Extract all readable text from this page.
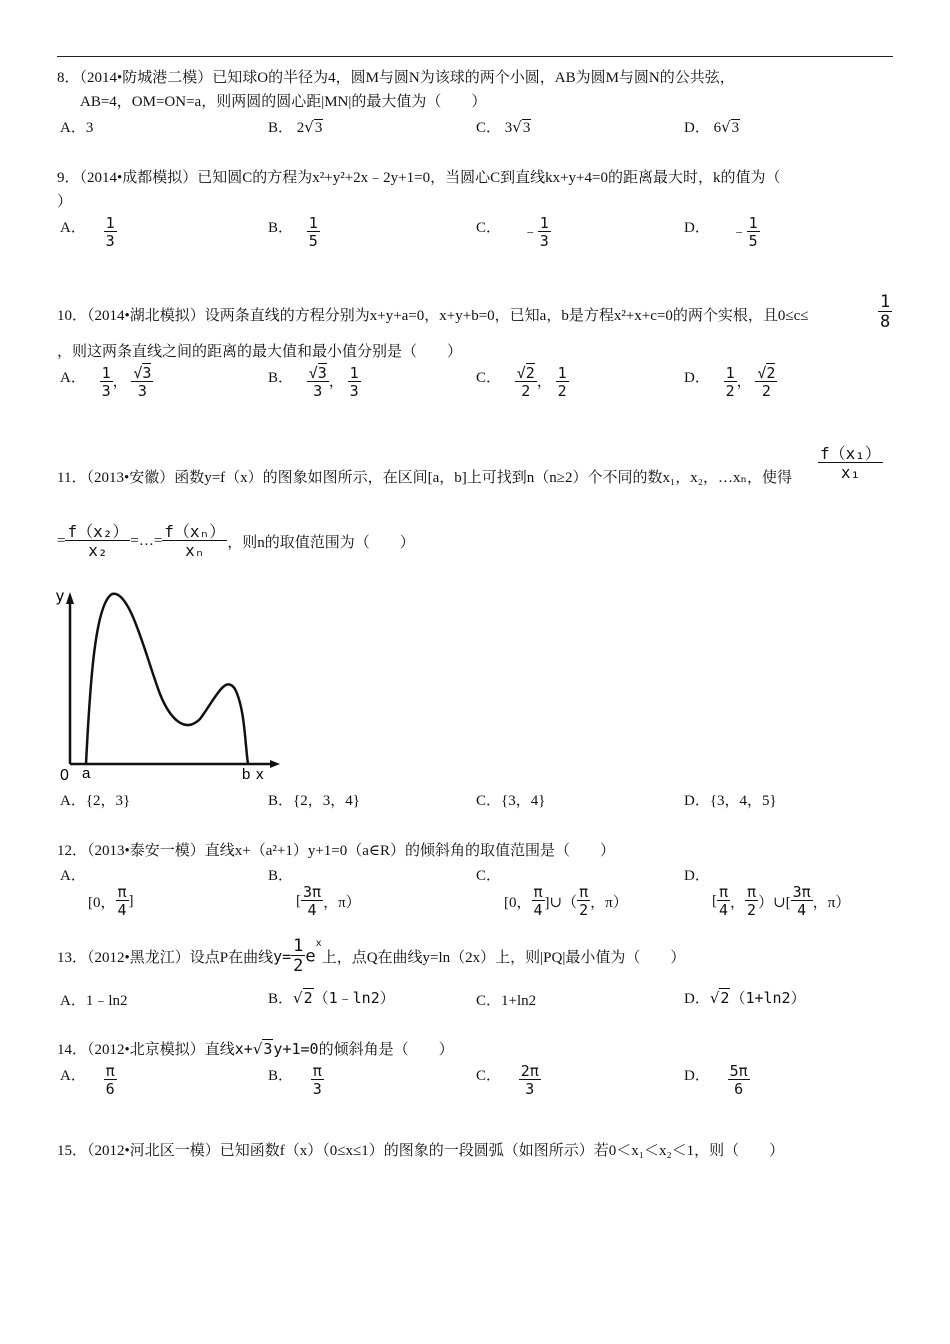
8．（2014•防城港二模）已知球O的半径为4，圆M与圆N为该球的两个小圆，AB为圆M与圆N的公共弦，
AB=4，OM=ON=a，则两圆的圆心距|MN|的最大值为（　　）
A．3	B． 2√3	C． 3√3	D． 6√3
9．（2014•成都模拟）已知圆C的方程为x²+y²+2x﹣2y+1=0，当圆心C到直线kx+y+4=0的距离最大时，k的值为（
）
A． $\frac{1}{3}$	B． $\frac{1}{5}$	C． ﹣ $\frac{1}{3}$	D． ﹣ $\frac{1}{5}$
10．（2014•湖北模拟）设两条直线的方程分别为x+y+a=0，x+y+b=0，已知a，b是方程x²+x+c=0的两个实根，且0≤c≤	$\frac{1}{8}$
，则这两条直线之间的距离的最大值和最小值分别是（　　）
A． $\frac{1}{3}$ ， $\frac{√3}{3}$	B． $\frac{√3}{3}$ ， $\frac{1}{3}$	C． $\frac{√2}{2}$ ， $\frac{1}{2}$	D． $\frac{1}{2}$ ， $\frac{√2}{2}$
11．（2013•安徽）函数y=f（x）的图象如图所示，在区间[a，b]上可找到n（n≥2）个不同的数x₁，x₂，…xₙ，使得 $\frac{\text{f（x₁）}}{\text{x₁}}$
= $\frac{\text{f（x₂）}}{\text{x₂}}$ =…= $\frac{\text{f（xₙ）}}{\text{xₙ}}$ ，则n的取值范围为（　　）
y
0 a	b x
A．{2，3}	B．{2，3，4}	C．{3，4}	D．{3，4，5}
12．（2013•泰安一模）直线x+（a²+1）y+1=0（a∈R）的倾斜角的取值范围是（　　）
A．
[0， $\frac{\pi}{4}$ ]
B．
[ $\frac{3\pi}{4}$ ，π）
C．
[0， $\frac{\pi}{4}$ ]∪（ $\frac{\pi}{2}$ ，π）
D．
[ $\frac{\pi}{4}$ ， $\frac{\pi}{2}$ ）∪[ $\frac{3\pi}{4}$ ，π）
13．（2012•黑龙江）设点P在曲线$y= \frac{1}{2} e^x$上，点Q在曲线y=ln（2x）上，则|PQ|最小值为（　　）
A．1﹣ln2	B．√2（1﹣ln2）	C．1+ln2	D．√2（1+ln2）
14．（2012•北京模拟）直线x+√3y+1=0的倾斜角是（　　）
A． $\frac{\pi}{6}$	B． $\frac{\pi}{3}$	C． $\frac{2\pi}{3}$	D． $\frac{5\pi}{6}$
15．（2012•河北区一模）已知函数f（x）（0≤x≤1）的图象的一段圆弧（如图所示）若0＜x₁＜x₂＜1，则（　　）
